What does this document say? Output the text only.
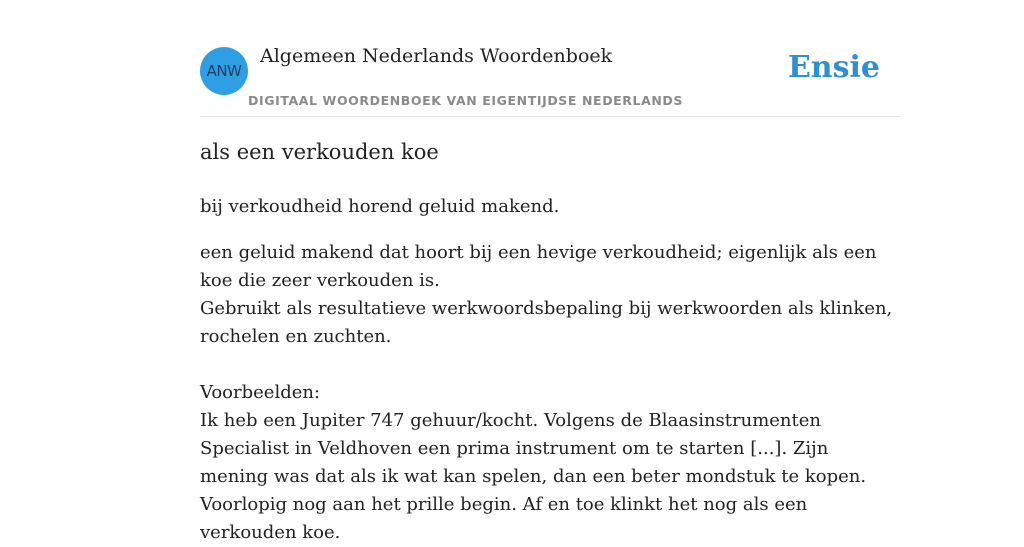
ANW
Algemeen Nederlands Woordenboek
DIGITAAL WOORDENBOEK VAN EIGENTIJDSE NEDERLANDS
Ensie
als een verkouden koe

bij verkoudheid horend geluid makend.

een geluid makend dat hoort bij een hevige verkoudheid; eigenlijk als een koe die zeer verkouden is.

Gebruikt als resultatieve werkwoordsbepaling bij werkwoorden als klinken, rochelen en zuchten.

Voorbeelden:

Ik heb een Jupiter 747 gehuur/kocht. Volgens de Blaasinstrumenten Specialist in Veldhoven een prima instrument om te starten [...]. Zijn mening was dat als ik wat kan spelen, dan een beter mondstuk te kopen. Voorlopig nog aan het prille begin. Af en toe klinkt het nog als een verkouden koe.
